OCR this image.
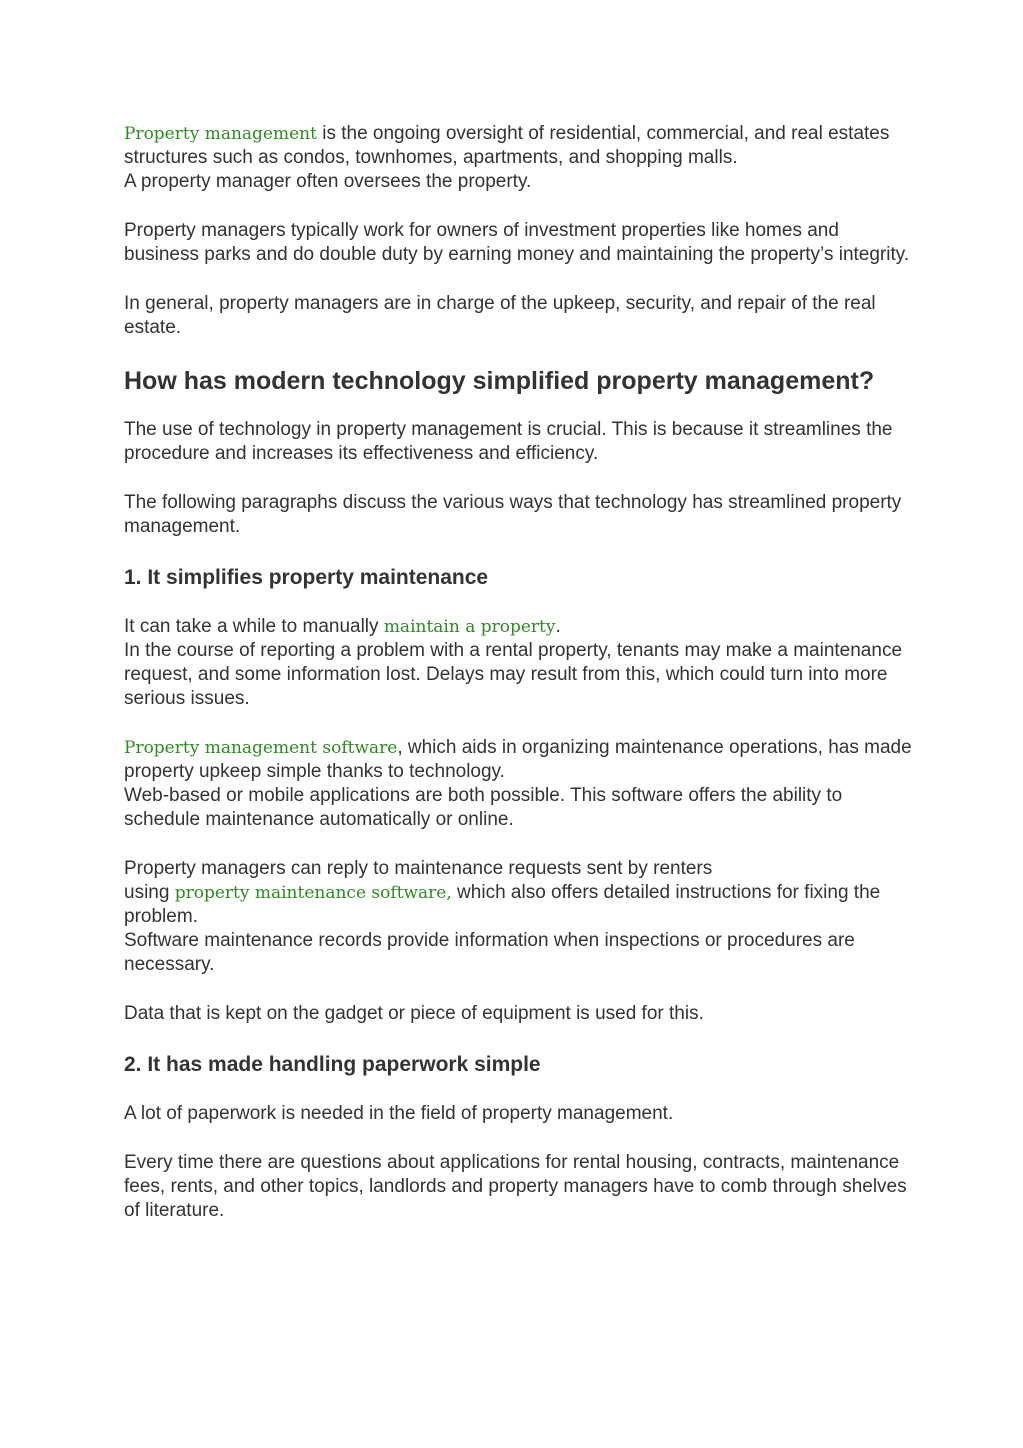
Property management is the ongoing oversight of residential, commercial, and real estates structures such as condos, townhomes, apartments, and shopping malls.
A property manager often oversees the property.

Property managers typically work for owners of investment properties like homes and business parks and do double duty by earning money and maintaining the property’s integrity.

In general, property managers are in charge of the upkeep, security, and repair of the real estate.

How has modern technology simplified property management?

The use of technology in property management is crucial. This is because it streamlines the procedure and increases its effectiveness and efficiency.

The following paragraphs discuss the various ways that technology has streamlined property management.

1. It simplifies property maintenance

It can take a while to manually maintain a property.
In the course of reporting a problem with a rental property, tenants may make a maintenance request, and some information lost. Delays may result from this, which could turn into more serious issues.

Property management software, which aids in organizing maintenance operations, has made property upkeep simple thanks to technology.
Web-based or mobile applications are both possible. This software offers the ability to schedule maintenance automatically or online.

Property managers can reply to maintenance requests sent by renters
using property maintenance software, which also offers detailed instructions for fixing the problem.
Software maintenance records provide information when inspections or procedures are necessary.

Data that is kept on the gadget or piece of equipment is used for this.

2. It has made handling paperwork simple

A lot of paperwork is needed in the field of property management.

Every time there are questions about applications for rental housing, contracts, maintenance fees, rents, and other topics, landlords and property managers have to comb through shelves of literature.
